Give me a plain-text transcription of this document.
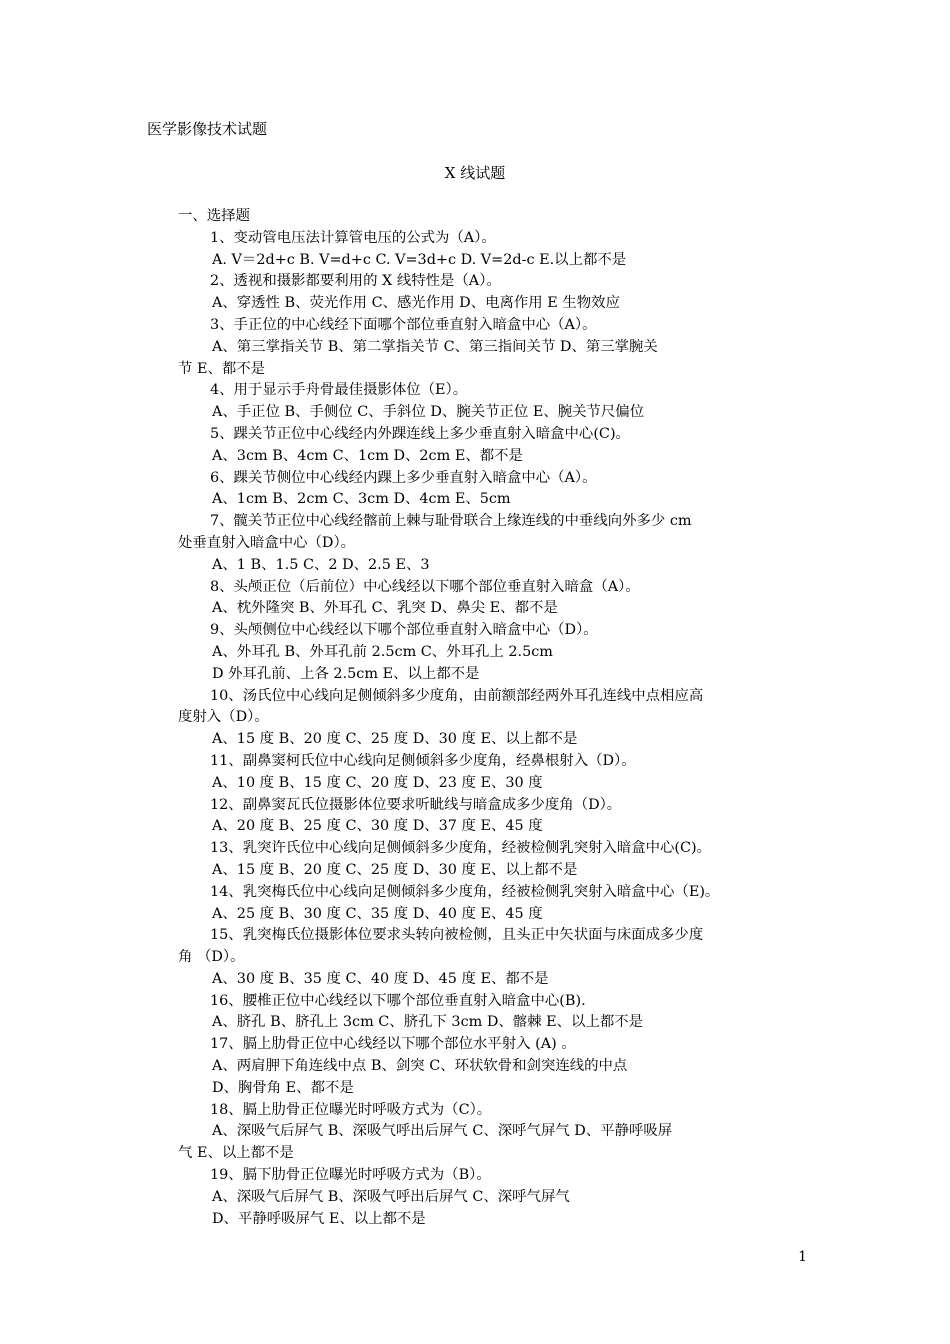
医学影像技术试题
X 线试题
一、选择题
1、变动管电压法计算管电压的公式为（A）。
A. V＝2d+c B. V=d+c C. V=3d+c D. V=2d-c E.以上都不是
2、透视和摄影都要利用的 X 线特性是（A）。
A、穿透性 B、荧光作用 C、感光作用 D、电离作用 E 生物效应
3、手正位的中心线经下面哪个部位垂直射入暗盒中心（A）。
A、第三掌指关节 B、第二掌指关节 C、第三指间关节 D、第三掌腕关
节 E、都不是
4、用于显示手舟骨最佳摄影体位（E）。
A、手正位 B、手侧位 C、手斜位 D、腕关节正位 E、腕关节尺偏位
5、踝关节正位中心线经内外踝连线上多少垂直射入暗盒中心(C)。
A、3cm B、4cm C、1cm D、2cm E、都不是
6、踝关节侧位中心线经内踝上多少垂直射入暗盒中心（A）。
A、1cm B、2cm C、3cm D、4cm E、5cm
7、髋关节正位中心线经髂前上棘与耻骨联合上缘连线的中垂线向外多少 cm
处垂直射入暗盒中心（D）。
A、1 B、1.5 C、2 D、2.5 E、3
8、头颅正位（后前位）中心线经以下哪个部位垂直射入暗盒（A）。
A、枕外隆突 B、外耳孔 C、乳突 D、鼻尖 E、都不是
9、头颅侧位中心线经以下哪个部位垂直射入暗盒中心（D）。
A、外耳孔 B、外耳孔前 2.5cm C、外耳孔上 2.5cm
D 外耳孔前、上各 2.5cm E、以上都不是
10、汤氏位中心线向足侧倾斜多少度角，由前额部经两外耳孔连线中点相应高
度射入（D）。
A、15 度 B、20 度 C、25 度 D、30 度 E、以上都不是
11、副鼻窦柯氏位中心线向足侧倾斜多少度角，经鼻根射入（D）。
A、10 度 B、15 度 C、20 度 D、23 度 E、30 度
12、副鼻窦瓦氏位摄影体位要求听眦线与暗盒成多少度角（D）。
A、20 度 B、25 度 C、30 度 D、37 度 E、45 度
13、乳突许氏位中心线向足侧倾斜多少度角，经被检侧乳突射入暗盒中心(C)。
A、15 度 B、20 度 C、25 度 D、30 度 E、以上都不是
14、乳突梅氏位中心线向足侧倾斜多少度角，经被检侧乳突射入暗盒中心（E)。
A、25 度 B、30 度 C、35 度 D、40 度 E、45 度
15、乳突梅氏位摄影体位要求头转向被检侧，且头正中矢状面与床面成多少度
角 （D）。
A、30 度 B、35 度 C、40 度 D、45 度 E、都不是
16、腰椎正位中心线经以下哪个部位垂直射入暗盒中心(B).
A、脐孔 B、脐孔上 3cm C、脐孔下 3cm D、髂棘 E、以上都不是
17、膈上肋骨正位中心线经以下哪个部位水平射入 (A) 。
A、两肩胛下角连线中点 B、剑突 C、环状软骨和剑突连线的中点
D、胸骨角 E、都不是
18、膈上肋骨正位曝光时呼吸方式为（C）。
A、深吸气后屏气 B、深吸气呼出后屏气 C、深呼气屏气 D、平静呼吸屏
气 E、以上都不是
19、膈下肋骨正位曝光时呼吸方式为（B）。
A、深吸气后屏气 B、深吸气呼出后屏气 C、深呼气屏气
D、平静呼吸屏气 E、以上都不是
1
